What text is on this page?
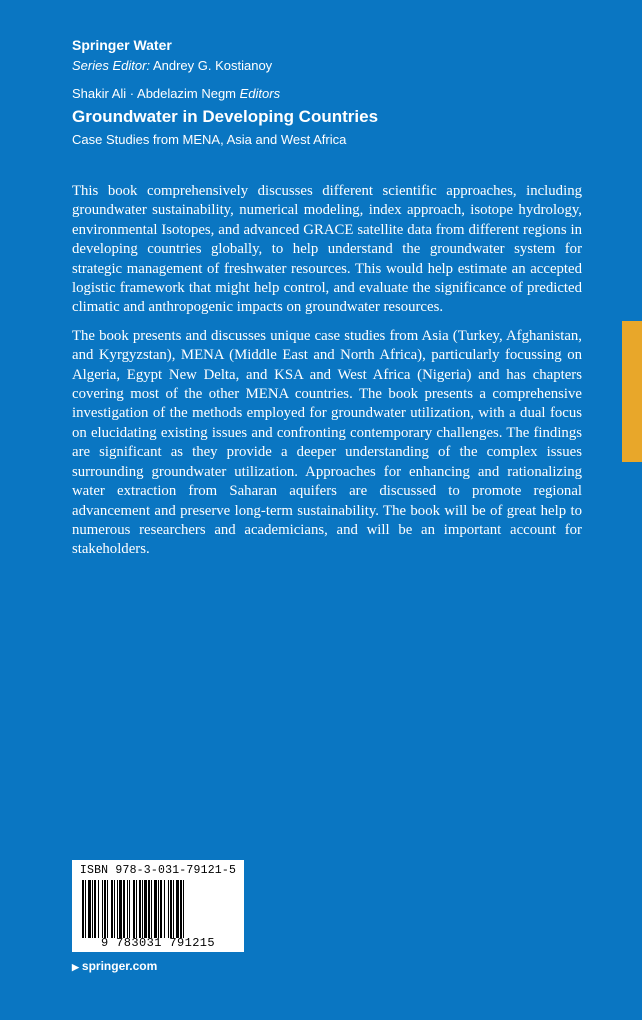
Springer Water

Series Editor: Andrey G. Kostianoy

Shakir Ali · Abdelazim Negm Editors
Groundwater in Developing Countries

Case Studies from MENA, Asia and West Africa

This book comprehensively discusses different scientific approaches, including groundwater sustainability, numerical modeling, index approach, isotope hydrology, environmental Isotopes, and advanced GRACE satellite data from different regions in developing countries globally, to help understand the groundwater system for strategic management of freshwater resources. This would help estimate an accepted logistic framework that might help control, and evaluate the significance of predicted climatic and anthropogenic impacts on groundwater resources.

The book presents and discusses unique case studies from Asia (Turkey, Afghanistan, and Kyrgyzstan), MENA (Middle East and North Africa), particularly focussing on Algeria, Egypt New Delta, and KSA and West Africa (Nigeria) and has chapters covering most of the other MENA countries. The book presents a comprehensive investigation of the methods employed for groundwater utilization, with a dual focus on elucidating existing issues and confronting contemporary challenges. The findings are significant as they provide a deeper understanding of the complex issues surrounding groundwater utilization. Approaches for enhancing and rationalizing water extraction from Saharan aquifers are discussed to promote regional advancement and preserve long-term sustainability. The book will be of great help to numerous researchers and academicians, and will be an important account for stakeholders.

ISBN 978-3-031-79121-5
9 783031 791215
▶ springer.com
